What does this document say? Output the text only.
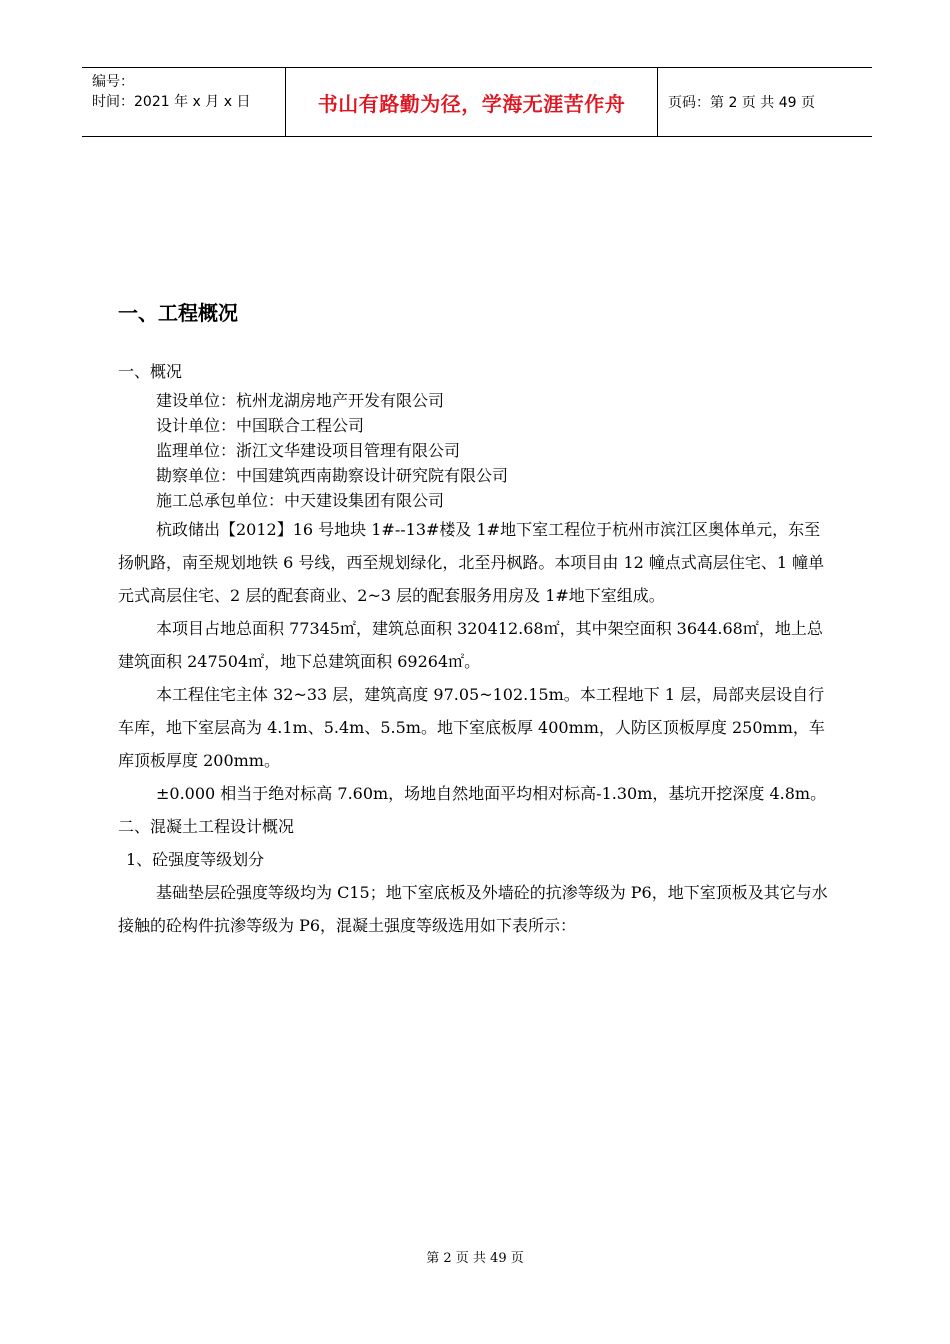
编号：
时间：2021 年 x 月 x 日	书山有路勤为径，学海无涯苦作舟	页码：第 2 页 共 49 页
一、工程概况

一、概况

建设单位：杭州龙湖房地产开发有限公司

设计单位：中国联合工程公司

监理单位：浙江文华建设项目管理有限公司

勘察单位：中国建筑西南勘察设计研究院有限公司

施工总承包单位：中天建设集团有限公司

杭政储出【2012】16 号地块 1#--13#楼及 1#地下室工程位于杭州市滨江区奥体单元，东至扬帆路，南至规划地铁 6 号线，西至规划绿化，北至丹枫路。本项目由 12 幢点式高层住宅、1 幢单元式高层住宅、2 层的配套商业、2~3 层的配套服务用房及 1#地下室组成。

本项目占地总面积 77345㎡，建筑总面积 320412.68㎡，其中架空面积 3644.68㎡，地上总建筑面积 247504㎡，地下总建筑面积 69264㎡。

本工程住宅主体 32~33 层，建筑高度 97.05~102.15m。本工程地下 1 层，局部夹层设自行车库，地下室层高为 4.1m、5.4m、5.5m。地下室底板厚 400mm，人防区顶板厚度 250mm，车库顶板厚度 200mm。

±0.000 相当于绝对标高 7.60m，场地自然地面平均相对标高-1.30m，基坑开挖深度 4.8m。

二、混凝土工程设计概况

1、砼强度等级划分

基础垫层砼强度等级均为 C15；地下室底板及外墙砼的抗渗等级为 P6，地下室顶板及其它与水接触的砼构件抗渗等级为 P6，混凝土强度等级选用如下表所示：

第 2 页 共 49 页
